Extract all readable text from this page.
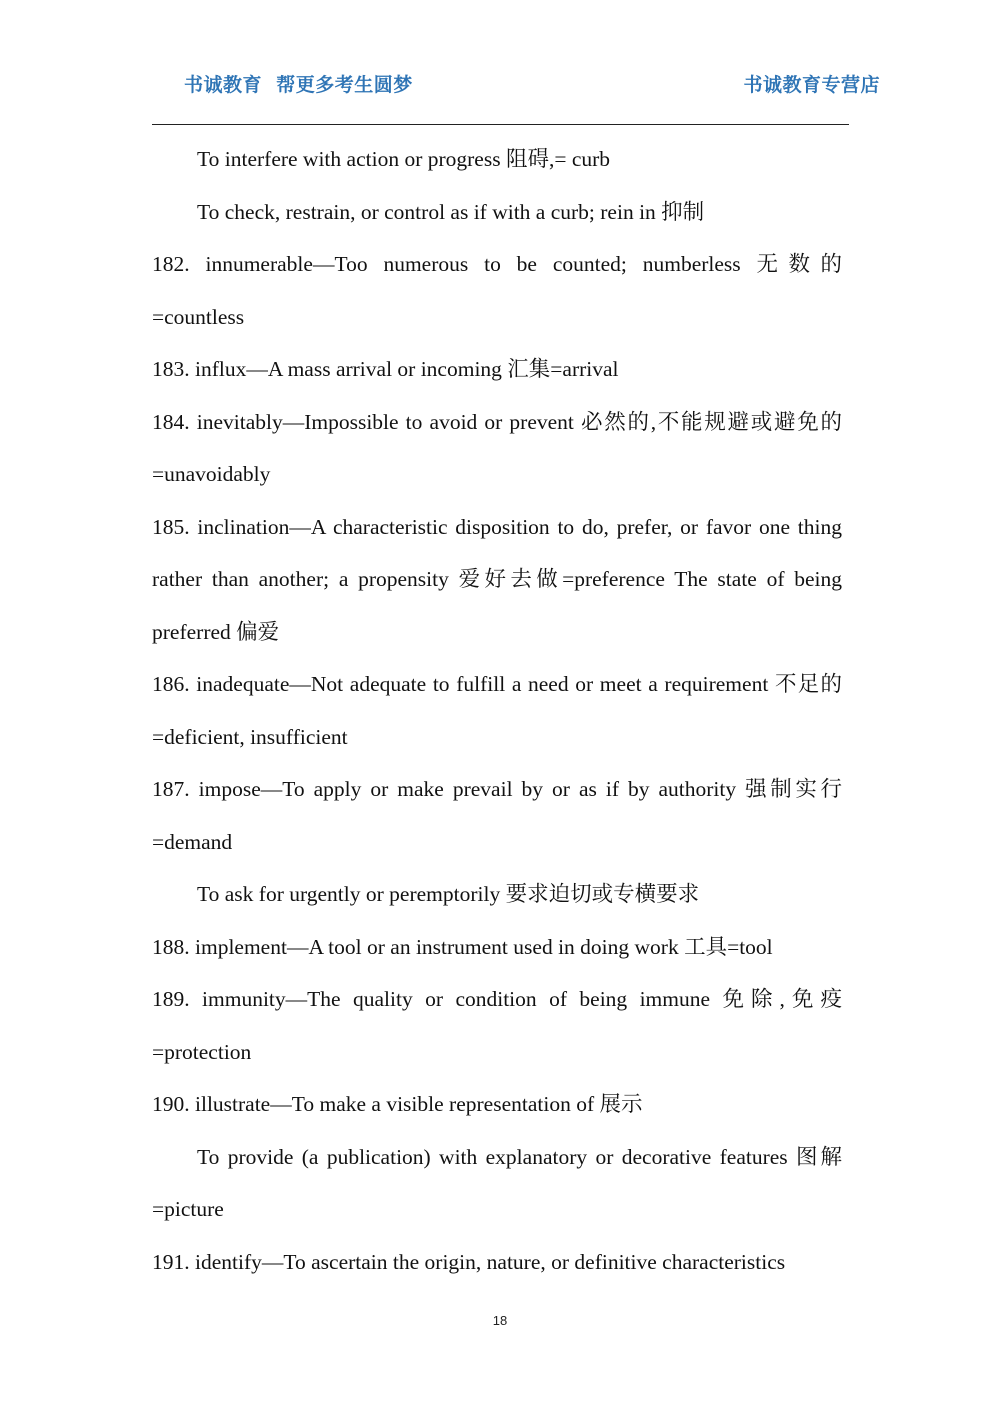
书诚教育  帮更多考生圆梦	书诚教育专营店

To interfere with action or progress 阻碍,= curb

To check, restrain, or control as if with a curb; rein in 抑制

182. innumerable—Too numerous to be counted; numberless 无数的 =countless

183. influx—A mass arrival or incoming 汇集=arrival

184. inevitably—Impossible to avoid or prevent 必然的,不能规避或避免的=unavoidably

185. inclination—A characteristic disposition to do, prefer, or favor one thing rather than another; a propensity 爱好去做=preference The state of being preferred 偏爱

186. inadequate—Not adequate to fulfill a need or meet a requirement 不足的=deficient, insufficient

187. impose—To apply or make prevail by or as if by authority 强制实行 =demand

To ask for urgently or peremptorily 要求迫切或专横要求

188. implement—A tool or an instrument used in doing work 工具=tool

189. immunity—The quality or condition of being immune 免除,免疫 =protection

190. illustrate—To make a visible representation of 展示

To provide (a publication) with explanatory or decorative features 图解=picture

191. identify—To ascertain the origin, nature, or definitive characteristics

18
